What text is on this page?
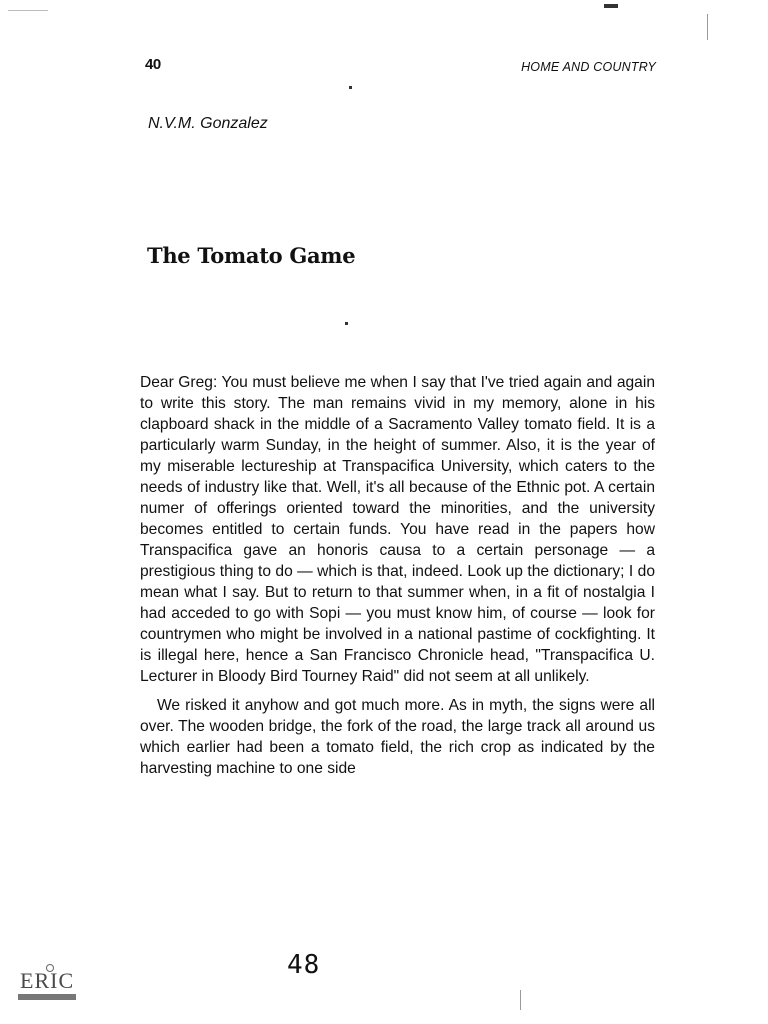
40	HOME AND COUNTRY
N.V.M. Gonzalez
The Tomato Game

Dear Greg: You must believe me when I say that I've tried again and again to write this story. The man remains vivid in my memory, alone in his clapboard shack in the middle of a Sacramento Valley tomato field. It is a particularly warm Sunday, in the height of summer. Also, it is the year of my miserable lectureship at Transpacifica University, which caters to the needs of industry like that. Well, it's all because of the Ethnic pot. A certain numer of offerings oriented toward the minorities, and the university becomes entitled to certain funds. You have read in the papers how Transpacifica gave an honoris causa to a certain personage — a prestigious thing to do — which is that, indeed. Look up the dictionary; I do mean what I say. But to return to that summer when, in a fit of nostalgia I had acceded to go with Sopi — you must know him, of course — look for countrymen who might be involved in a national pastime of cockfighting. It is illegal here, hence a San Francisco Chronicle head, "Transpacifica U. Lecturer in Bloody Bird Tourney Raid" did not seem at all unlikely.

We risked it anyhow and got much more. As in myth, the signs were all over. The wooden bridge, the fork of the road, the large track all around us which earlier had been a tomato field, the rich crop as indicated by the harvesting machine to one side

48
ERIC
